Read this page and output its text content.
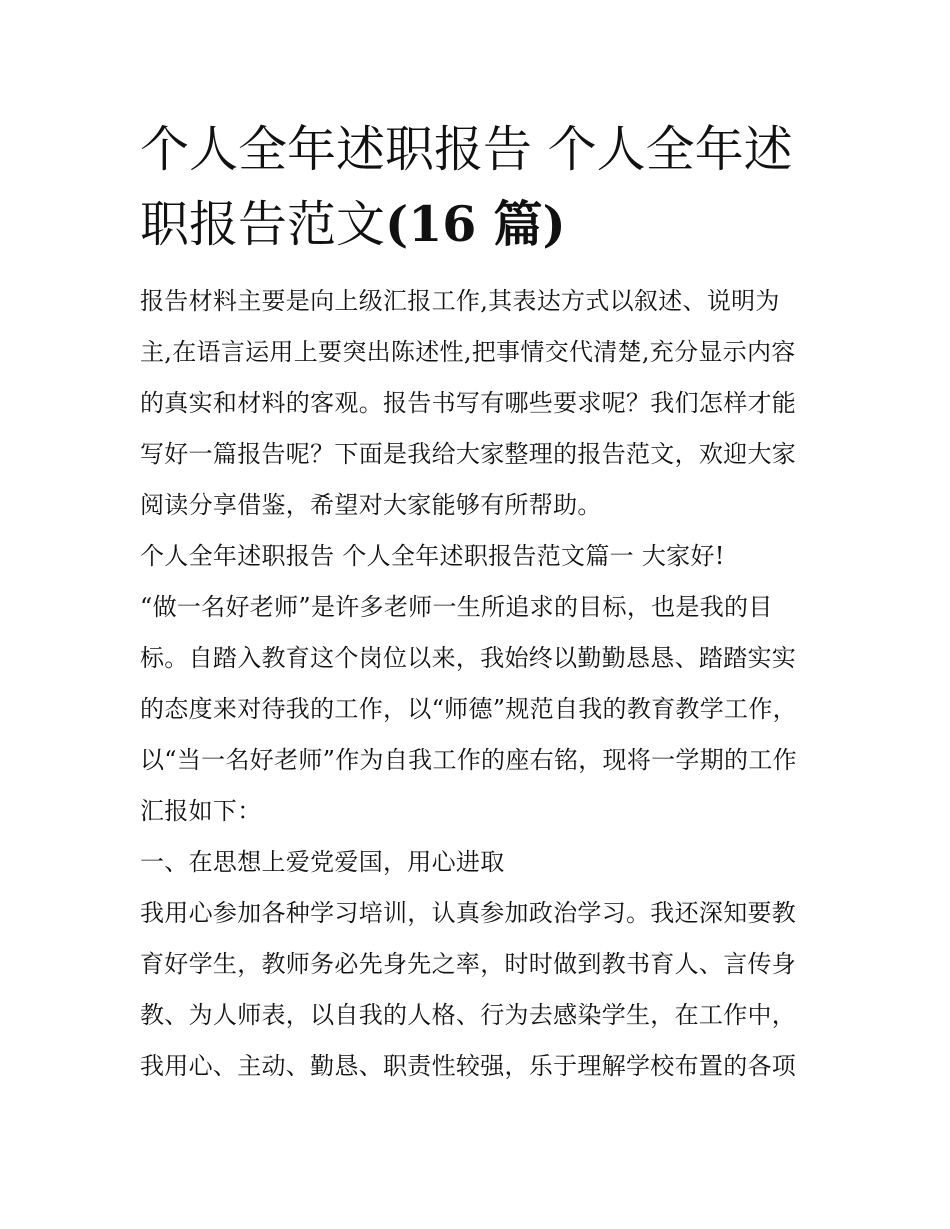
个人全年述职报告 个人全年述
职报告范文(16 篇)
报告材料主要是向上级汇报工作,其表达方式以叙述、说明为
主,在语言运用上要突出陈述性,把事情交代清楚,充分显示内容
的真实和材料的客观。报告书写有哪些要求呢？我们怎样才能
写好一篇报告呢？下面是我给大家整理的报告范文，欢迎大家
阅读分享借鉴，希望对大家能够有所帮助。
个人全年述职报告 个人全年述职报告范文篇一 大家好!
“做一名好老师”是许多老师一生所追求的目标，也是我的目
标。自踏入教育这个岗位以来，我始终以勤勤恳恳、踏踏实实
的态度来对待我的工作，以“师德”规范自我的教育教学工作，
以“当一名好老师”作为自我工作的座右铭，现将一学期的工作
汇报如下：
一、在思想上爱党爱国，用心进取
我用心参加各种学习培训，认真参加政治学习。我还深知要教
育好学生，教师务必先身先之率，时时做到教书育人、言传身
教、为人师表，以自我的人格、行为去感染学生，在工作中，
我用心、主动、勤恳、职责性较强，乐于理解学校布置的各项
